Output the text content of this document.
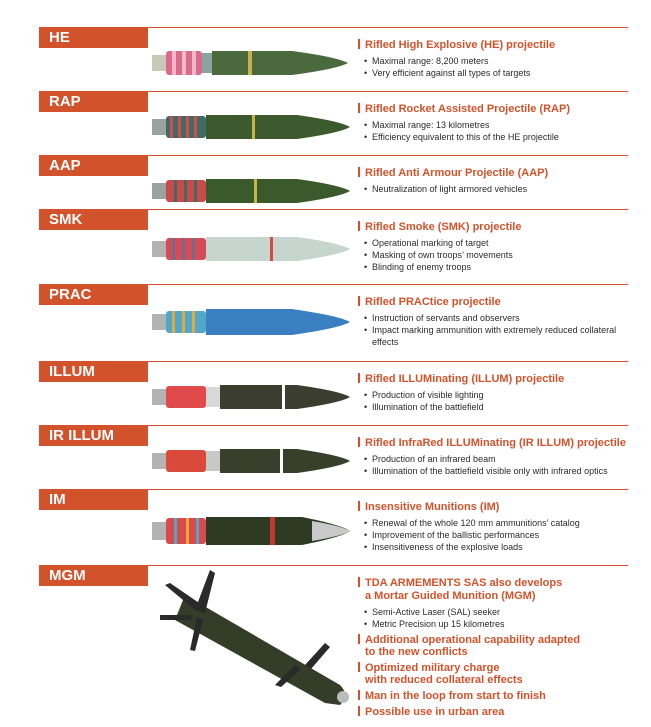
HE	Rifled High Explosive (HE) projectile
• Maximal range: 8,200 meters
• Very efficient against all types of targets
RAP	Rifled Rocket Assisted Projectile (RAP)
• Maximal range: 13 kilometres
• Efficiency equivalent to this of the HE projectile
AAP	Rifled Anti Armour Projectile (AAP)
• Neutralization of light armored vehicles
SMK	Rifled Smoke (SMK) projectile
• Operational marking of target
• Masking of own troops’ movements
• Blinding of enemy troops
PRAC	Rifled PRACtice projectile
• Instruction of servants and observers
• Impact marking ammunition with extremely reduced collateral effects
ILLUM	Rifled ILLUMinating (ILLUM) projectile
• Production of visible lighting
• Illumination of the battlefield
IR ILLUM	Rifled InfraRed ILLUMinating (IR ILLUM) projectile
• Production of an infrared beam
• Illumination of the battlefield visible only with infrared optics
IM	Insensitive Munitions (IM)
• Renewal of the whole 120 mm ammunitions’ catalog
• Improvement of the ballistic performances
• Insensitiveness of the explosive loads
MGM	TDA ARMEMENTS SAS also develops
a Mortar Guided Munition (MGM)
• Semi-Active Laser (SAL) seeker
• Metric Precision up 15 kilometres
Additional operational capability adapted
to the new conflicts
Optimized military charge
with reduced collateral effects
Man in the loop from start to finish
Possible use in urban area
